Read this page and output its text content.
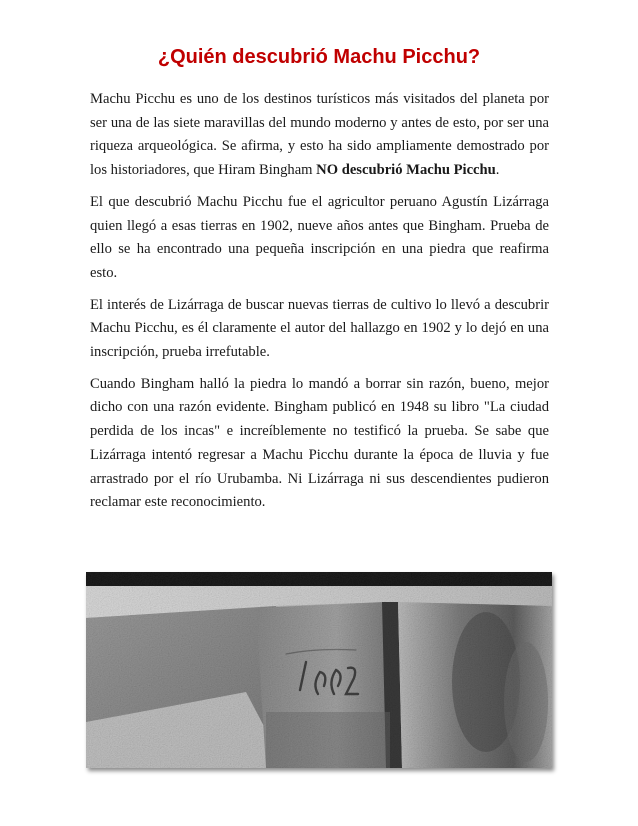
¿Quién descubrió Machu Picchu?

Machu Picchu es uno de los destinos turísticos más visitados del planeta por ser una de las siete maravillas del mundo moderno y antes de esto, por ser una riqueza arqueológica. Se afirma, y esto ha sido ampliamente demostrado por los historiadores, que Hiram Bingham NO descubrió Machu Picchu.

El que descubrió Machu Picchu fue el agricultor peruano Agustín Lizárraga quien llegó a esas tierras en 1902, nueve años antes que Bingham. Prueba de ello se ha encontrado una pequeña inscripción en una piedra que reafirma esto.

El interés de Lizárraga de buscar nuevas tierras de cultivo lo llevó a descubrir Machu Picchu, es él claramente el autor del hallazgo en 1902 y lo dejó en una inscripción, prueba irrefutable.

Cuando Bingham halló la piedra lo mandó a borrar sin razón, bueno, mejor dicho con una razón evidente. Bingham publicó en 1948 su libro "La ciudad perdida de los incas" e increíblemente no testificó la prueba. Se sabe que Lizárraga intentó regresar a Machu Picchu durante la época de lluvia y fue arrastrado por el río Urubamba. Ni Lizárraga ni sus descendientes pudieron reclamar este reconocimiento.
